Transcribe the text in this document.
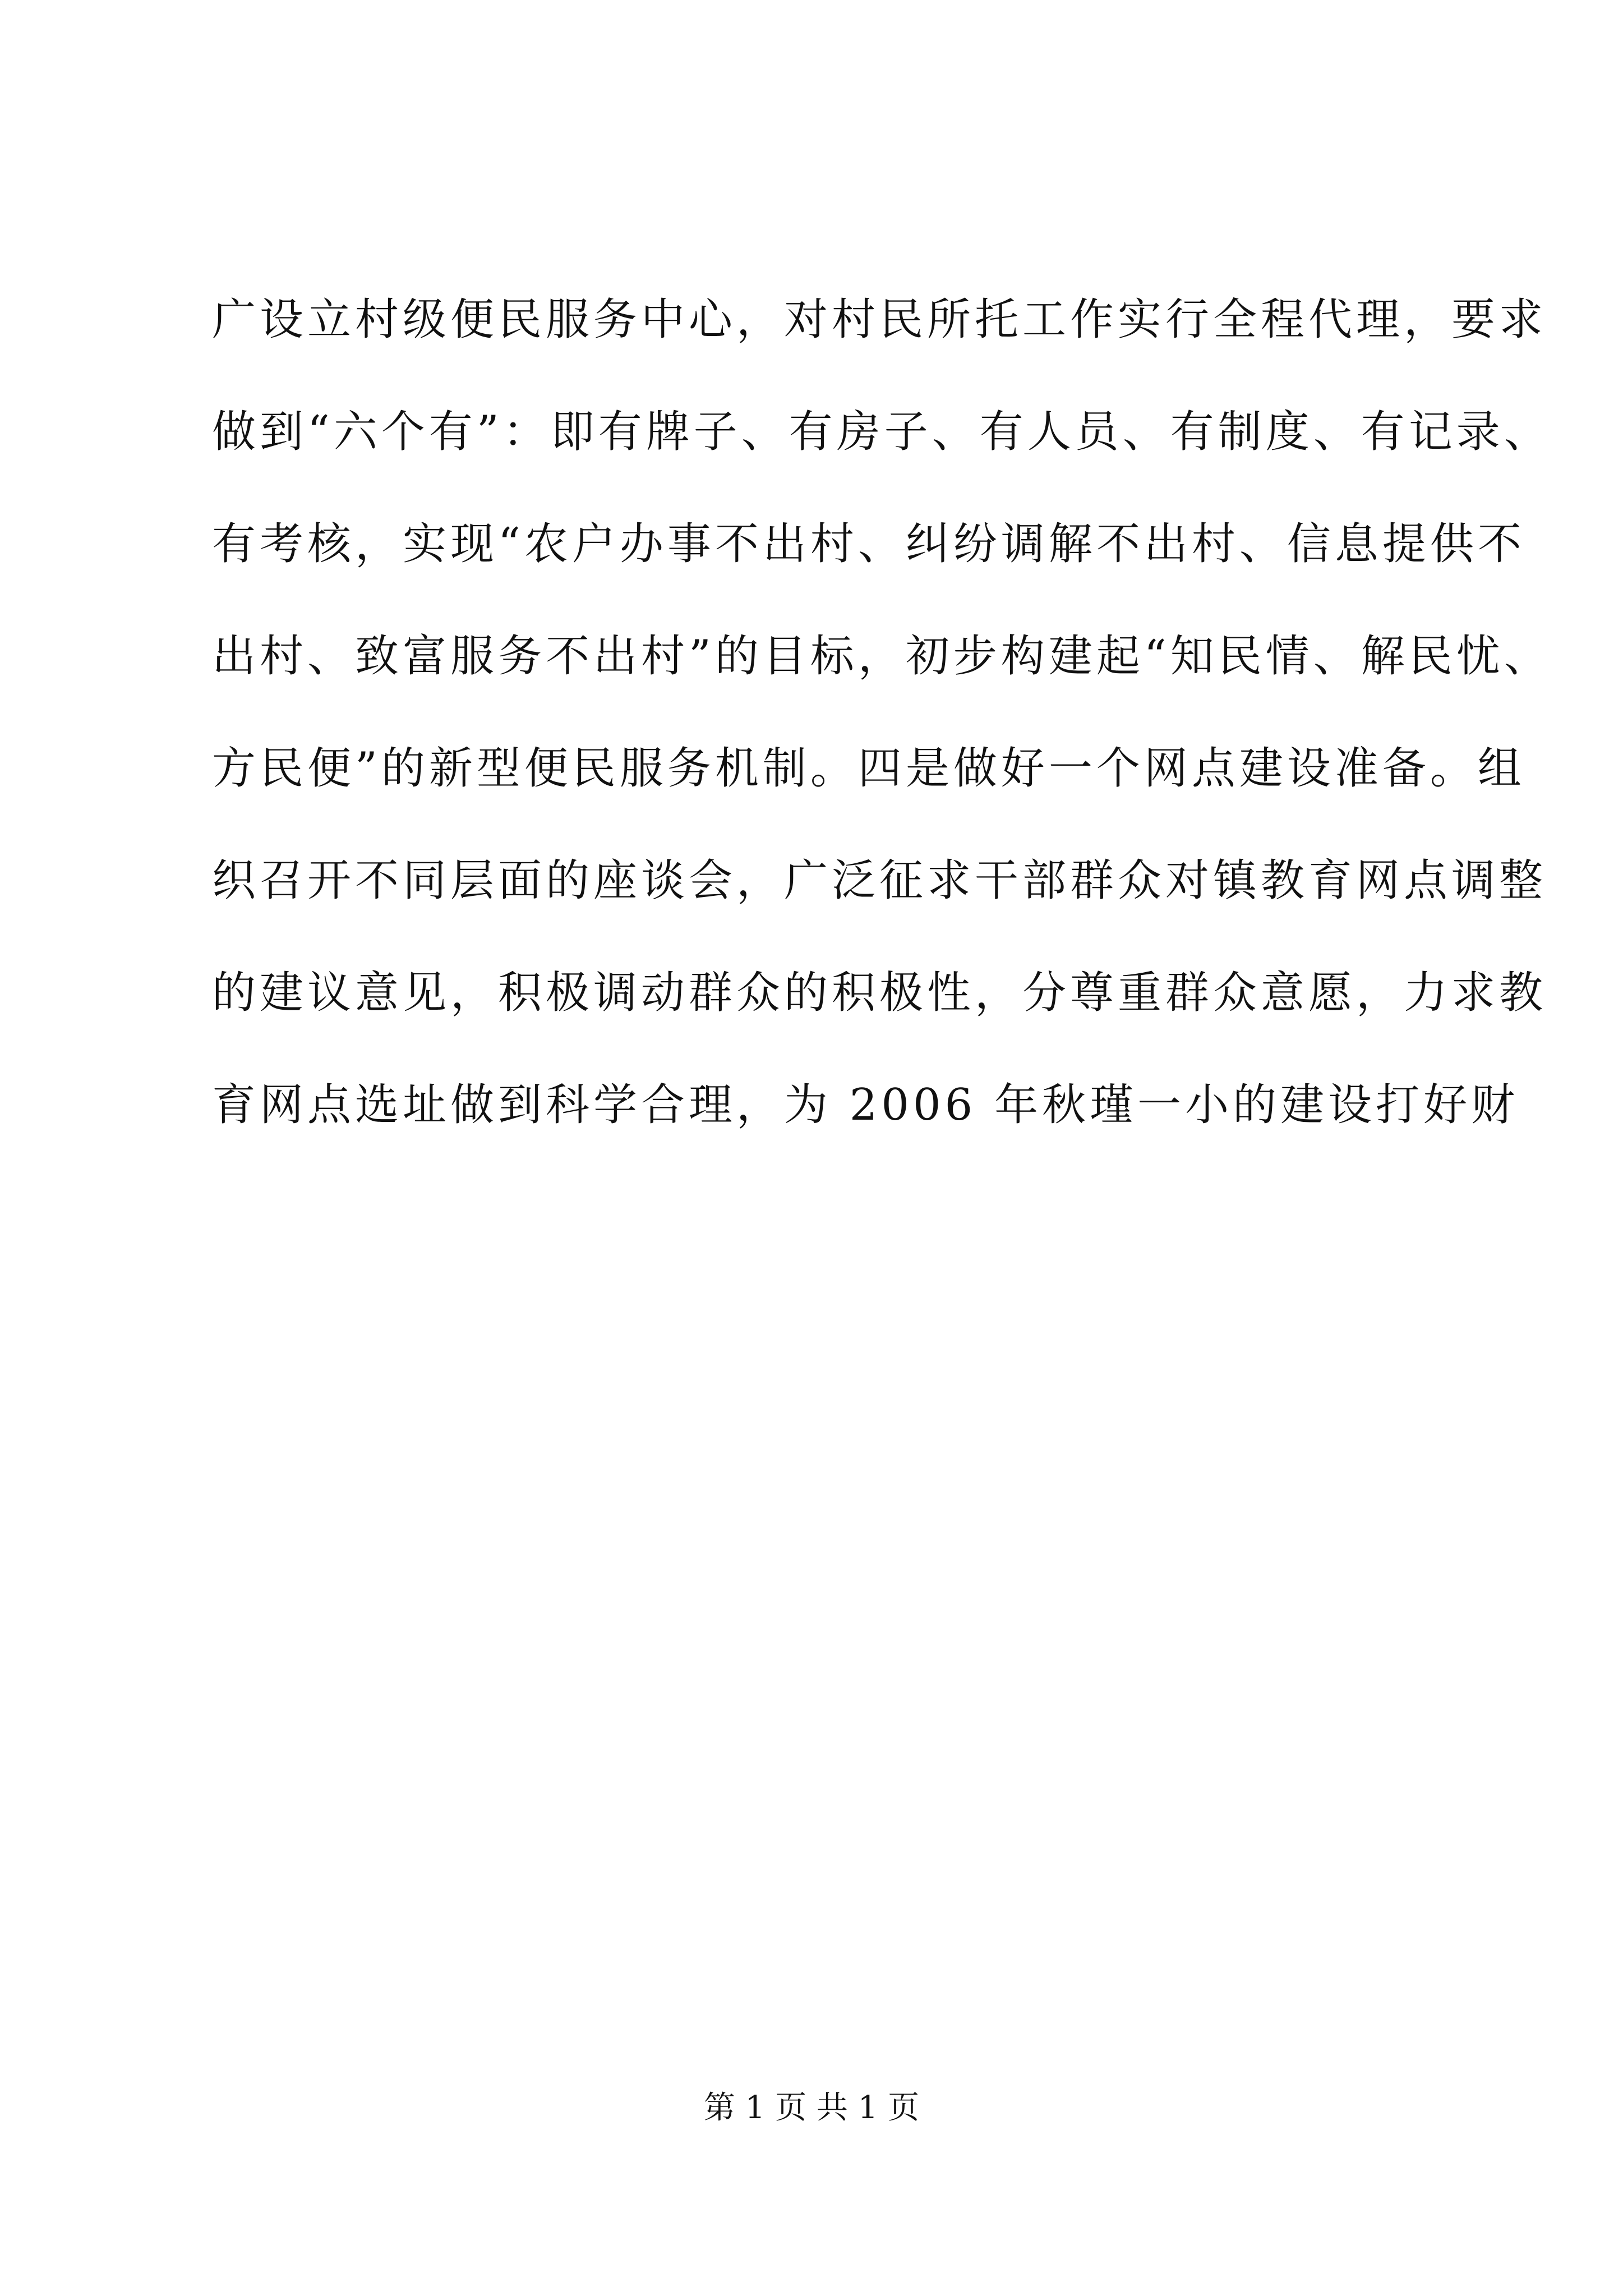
广设立村级便民服务中心，对村民所托工作实行全程代理，要求
做到“六个有”：即有牌子、有房子、有人员、有制度、有记录、
有考核，实现“农户办事不出村、纠纷调解不出村、信息提供不
出村、致富服务不出村”的目标，初步构建起“知民情、解民忧、
方民便”的新型便民服务机制。四是做好一个网点建设准备。组
织召开不同层面的座谈会，广泛征求干部群众对镇教育网点调整
的建议意见，积极调动群众的积极性，分尊重群众意愿，力求教
育网点选址做到科学合理，为 2006 年秋瑾一小的建设打好财
第 1 页 共 1 页
